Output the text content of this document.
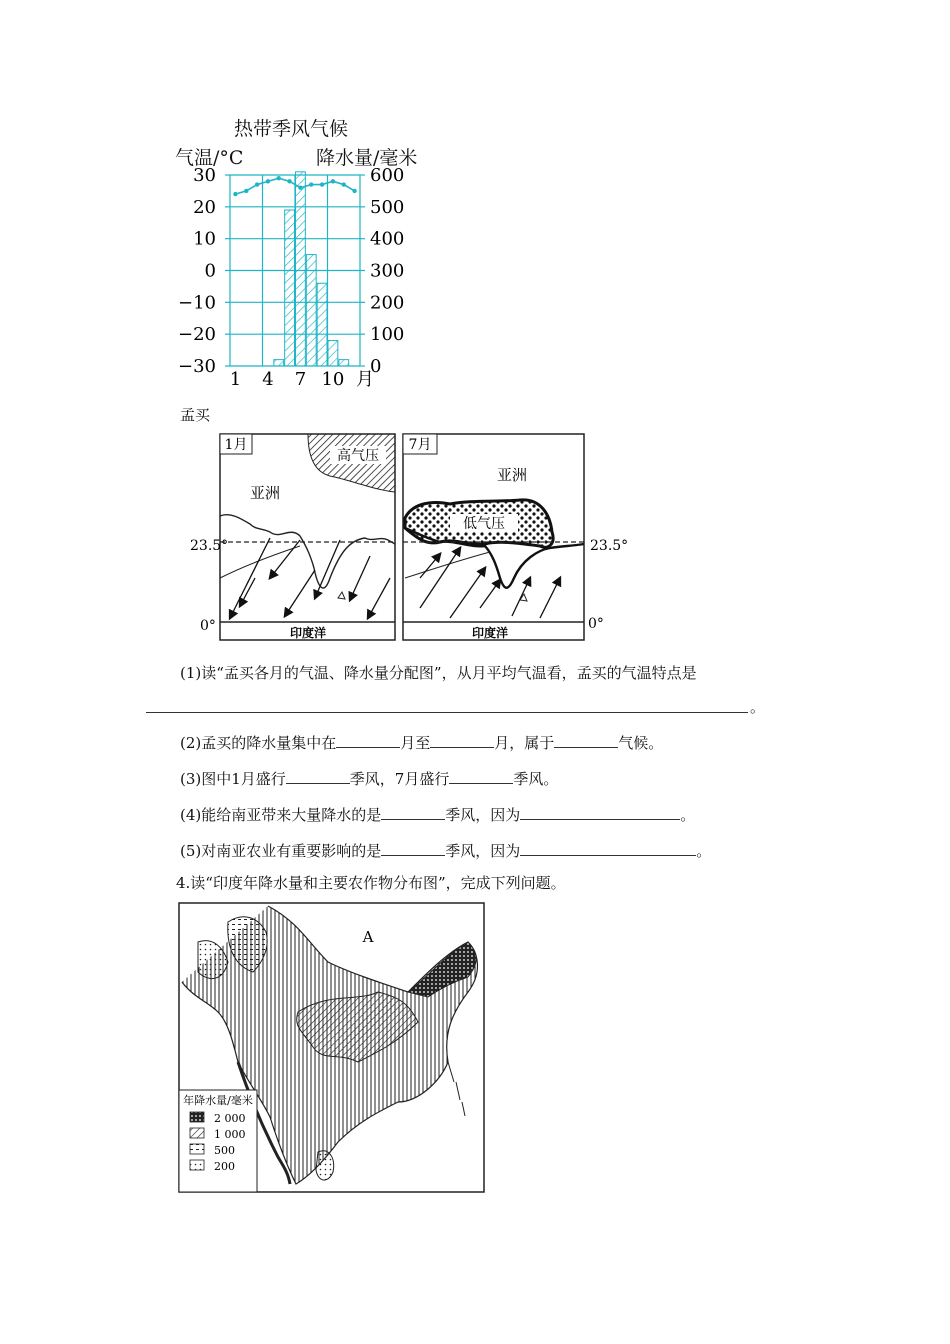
热带季风气候
气温/°C	降水量/毫米
30
20
10
0
−10
−20
−30
600
500
400
300
200
100
0
1 4 7 10 月
孟买
1月
高气压
亚洲
23.5°
0°	印度洋
7月
亚洲
低气压
23.5°
0°
印度洋
(1)读“孟买各月的气温、降水量分配图”，从月平均气温看，孟买的气温特点是
。
(2)孟买的降水量集中在	月至	月，属于	气候。
(3)图中1月盛行	季风，7月盛行	季风。
(4)能给南亚带来大量降水的是	季风，因为	。
(5)对南亚农业有重要影响的是	季风，因为	。
4.读“印度年降水量和主要农作物分布图”，完成下列问题。
A
年降水量/毫米
2 000
1 000
500
200
